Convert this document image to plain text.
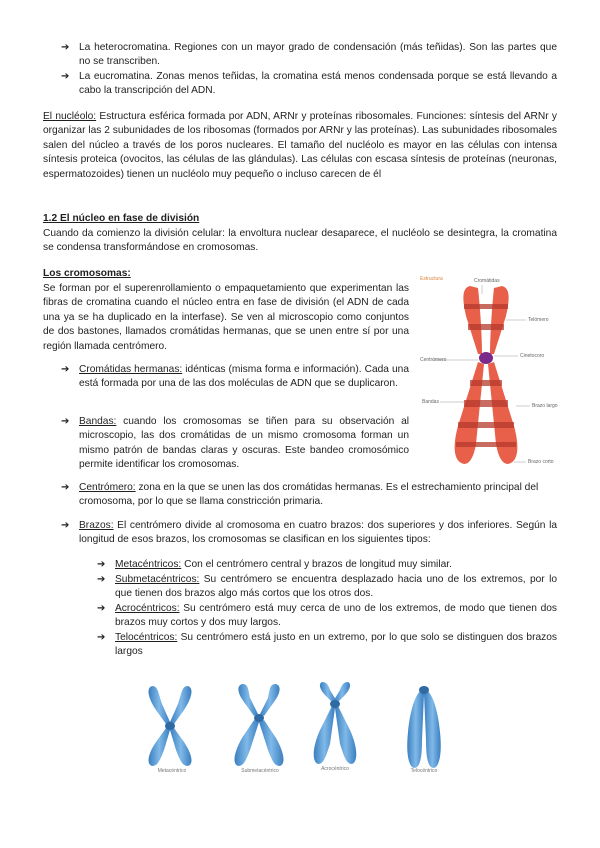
➔ La heterocromatina. Regiones con un mayor grado de condensación (más teñidas). Son las partes que no se transcriben.

➔ La eucromatina. Zonas menos teñidas, la cromatina está menos condensada porque se está llevando a cabo la transcripción del ADN.

El nucléolo: Estructura esférica formada por ADN, ARNr y proteínas ribosomales. Funciones: síntesis del ARNr y organizar las 2 subunidades de los ribosomas (formados por ARNr y las proteínas). Las subunidades ribosomales salen del núcleo a través de los poros nucleares. El tamaño del nucléolo es mayor en las células con intensa síntesis proteica (ovocitos, las células de las glándulas). Las células con escasa síntesis de proteínas (neuronas, espermatozoides) tienen un nucléolo muy pequeño o incluso carecen de él

1.2 El núcleo en fase de división

Cuando da comienzo la división celular: la envoltura nuclear desaparece, el nucléolo se desintegra, la cromatina se condensa transformándose en cromosomas.

Los cromosomas:

Se forman por el superenrollamiento o empaquetamiento que experimentan las fibras de cromatina cuando el núcleo entra en fase de división (el ADN de cada una ya se ha duplicado en la interfase). Se ven al microscopio como conjuntos de dos bastones, llamados cromátidas hermanas, que se unen entre sí por una región llamada centrómero.

➔ Cromátidas hermanas: idénticas (misma forma e información). Cada una está formada por una de las dos moléculas de ADN que se duplicaron.

➔ Bandas: cuando los cromosomas se tiñen para su observación al microscopio, las dos cromátidas de un mismo cromosoma forman un mismo patrón de bandas claras y oscuras. Este bandeo cromosómico permite identificar los cromosomas.

➔ Centrómero: zona en la que se unen las dos cromátidas hermanas. Es el estrechamiento principal del cromosoma, por lo que se llama constricción primaria.

➔ Brazos: El centrómero divide al cromosoma en cuatro brazos: dos superiores y dos inferiores. Según la longitud de esos brazos, los cromosomas se clasifican en los siguientes tipos:

➔ Metacéntricos: Con el centrómero central y brazos de longitud muy similar.

➔ Submetacéntricos: Su centrómero se encuentra desplazado hacia uno de los extremos, por lo que tienen dos brazos algo más cortos que los otros dos.

➔ Acrocéntricos: Su centrómero está muy cerca de uno de los extremos, de modo que tienen dos brazos muy cortos y dos muy largos.

➔ Telocéntricos: Su centrómero está justo en un extremo, por lo que solo se distinguen dos brazos largos

Estructura	Cromátidas
Telómero
Centrómero
Cinetocoro
Bandas
Brazo largo
Brazo corto
Metacéntrico	Submetacéntrico	Acrocéntrico	Telocéntrico
